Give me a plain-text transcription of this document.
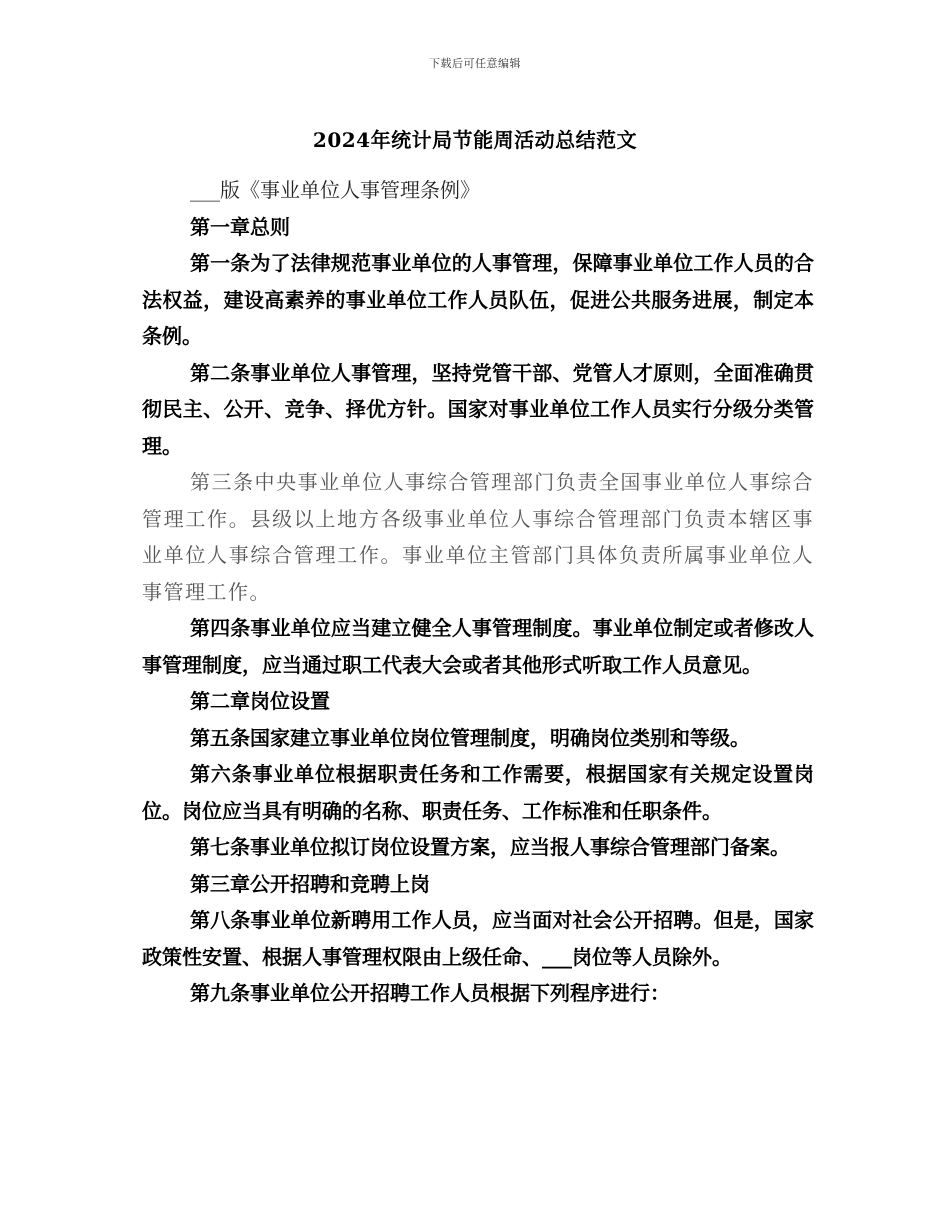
下载后可任意编辑
2024年统计局节能周活动总结范文

___版《事业单位人事管理条例》

第一章总则

第一条为了法律规范事业单位的人事管理，保障事业单位工作人员的合法权益，建设高素养的事业单位工作人员队伍，促进公共服务进展，制定本条例。

第二条事业单位人事管理，坚持党管干部、党管人才原则，全面准确贯彻民主、公开、竞争、择优方针。国家对事业单位工作人员实行分级分类管理。

第三条中央事业单位人事综合管理部门负责全国事业单位人事综合管理工作。县级以上地方各级事业单位人事综合管理部门负责本辖区事业单位人事综合管理工作。事业单位主管部门具体负责所属事业单位人事管理工作。

第四条事业单位应当建立健全人事管理制度。事业单位制定或者修改人事管理制度，应当通过职工代表大会或者其他形式听取工作人员意见。

第二章岗位设置

第五条国家建立事业单位岗位管理制度，明确岗位类别和等级。

第六条事业单位根据职责任务和工作需要，根据国家有关规定设置岗位。岗位应当具有明确的名称、职责任务、工作标准和任职条件。

第七条事业单位拟订岗位设置方案，应当报人事综合管理部门备案。

第三章公开招聘和竞聘上岗

第八条事业单位新聘用工作人员，应当面对社会公开招聘。但是，国家政策性安置、根据人事管理权限由上级任命、___岗位等人员除外。

第九条事业单位公开招聘工作人员根据下列程序进行：
